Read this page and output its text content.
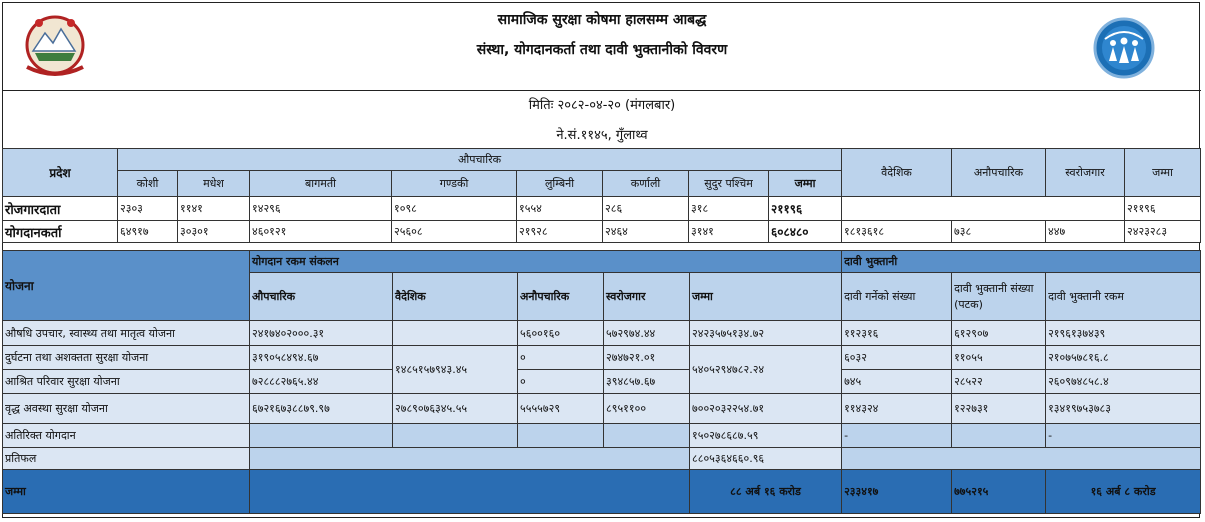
सामाजिक सुरक्षा कोषमा हालसम्म आबद्ध
संस्था, योगदानकर्ता तथा दावी भुक्तानीको विवरण
मितिः २०८२-०४-२० (मंगलबार)
ने.सं.११४५, गुँलाथ्व
प्रदेश	औपचारिक								वैदेशिक	अनौपचारिक	स्वरोजगार	जम्मा
	कोशी	मधेश	बागमती	गण्डकी	लुम्बिनी	कर्णाली	सुदुर पश्चिम	जम्मा				
रोजगारदाता	२३०३	११४१	१४२९६	१०९८	१५५४	२८६	३१८	२११९६				२११९६
योगदानकर्ता	६४९१७	३०३०१	४६०१२१	२५६०८	२१९२८	२४६४	३१४१	६०८४८०	१८१३६१८	७३८	४४७	२४२३२८३
योजना	योगदान रकम संकलन					दावी भुक्तानी		
	औपचारिक	वैदेशिक	अनौपचारिक	स्वरोजगार	जम्मा	दावी गर्नेको संख्या	दावी भुक्तानी संख्या (पटक)	दावी भुक्तानी रकम
औषधि उपचार, स्वास्थ्य तथा मातृत्व योजना	२४१७४०२०००.३१		५६००१६०	५७२९७४.४४	२४२३५७५१३४.७२	११२३१६	६१२९०७	२१९६१३७४३९
दुर्घटना तथा अशक्तता सुरक्षा योजना	३१९०५८४९४.६७	१४८५१५७९४३.४५	०	२७४७२१.०१	५४०५२९४७८२.२४	६०३२	११०५५	२१०७५७८१६.८
आश्रित परिवार सुरक्षा योजना	७२८८८२७६५.४४		०	३९४८५७.६७		७४५	२८५२२	२६०९७४८५८.४
वृद्ध अवस्था सुरक्षा योजना	६७२१६७३८८७९.९७	२७८९०७६३४५.५५	५५५५७२९	८९५११००	७००२०३२२५४.७१	११४३२४	१२२७३१	१३४१९७५३७८३
अतिरिक्त योगदान					१५०२७८६८७.५९	-		-
प्रतिफल					८८०५३६४६६०.९६			
जम्मा					८८ अर्ब १६ करोड	२३३४१७	७७५२१५	१६ अर्ब ८ करोड
